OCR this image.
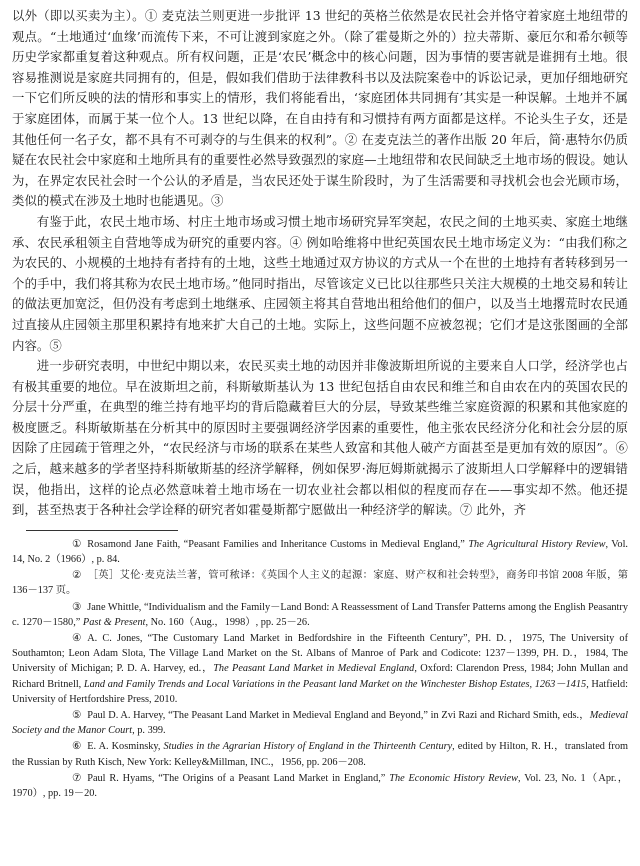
以外（即以买卖为主）。① 麦克法兰则更进一步批评 13 世纪的英格兰依然是农民社会并恪守着家庭土地纽带的观点。“土地通过‘血缘’而流传下来，不可让渡到家庭之外。（除了霍曼斯之外的）拉夫蒂斯、豪厄尔和希尔顿等历史学家都重复着这种观点。所有权问题，正是‘农民’概念中的核心问题，因为事情的要害就是谁拥有土地。很容易推测说是家庭共同拥有的，但是，假如我们借助于法律教科书以及法院案卷中的诉讼记录，更加仔细地研究一下它们所反映的法的情形和事实上的情形，我们将能看出，‘家庭团体共同拥有’其实是一种误解。土地并不属于家庭团体，而属于某一位个人。13 世纪以降，在自由持有和习惯持有两方面都是这样。不论头生子女，还是其他任何一名子女，都不具有不可剥夺的与生俱来的权利”。② 在麦克法兰的著作出版 20 年后，简·惠特尔仍质疑在农民社会中家庭和土地所具有的重要性必然导致强烈的家庭—土地纽带和农民间缺乏土地市场的假设。她认为，在界定农民社会时一个公认的矛盾是，当农民还处于谋生阶段时，为了生活需要和寻找机会也会光顾市场，类似的模式在涉及土地时也能遇见。③

有鉴于此，农民土地市场、村庄土地市场或习惯土地市场研究异军突起，农民之间的土地买卖、家庭土地继承、农民承租领主自营地等成为研究的重要内容。④ 例如哈维将中世纪英国农民土地市场定义为：“由我们称之为农民的、小规模的土地持有者持有的土地，这些土地通过双方协议的方式从一个在世的土地持有者转移到另一个的手中，我们将其称为农民土地市场。”他同时指出，尽管该定义已比以往那些只关注大规模的土地交易和转让的做法更加宽泛，但仍没有考虑到土地继承、庄园领主将其自营地出租给他们的佃户，以及当土地撂荒时农民通过直接从庄园领主那里积累持有地来扩大自己的土地。实际上，这些问题不应被忽视；它们才是这张图画的全部内容。⑤

进一步研究表明，中世纪中期以来，农民买卖土地的动因并非像波斯坦所说的主要来自人口学，经济学也占有极其重要的地位。早在波斯坦之前，科斯敏斯基认为 13 世纪包括自由农民和维兰和自由农在内的英国农民的分层十分严重，在典型的维兰持有地平均的背后隐藏着巨大的分层，导致某些维兰家庭资源的积累和其他家庭的极度匮乏。科斯敏斯基在分析其中的原因时主要强调经济学因素的重要性，他主张农民经济分化和社会分层的原因除了庄园疏于管理之外，“农民经济与市场的联系在某些人致富和其他人破产方面甚至是更加有效的原因”。⑥ 之后，越来越多的学者坚持科斯敏斯基的经济学解释，例如保罗·海厄姆斯就揭示了波斯坦人口学解释中的逻辑错误，他指出，这样的论点必然意味着土地市场在一切农业社会都以相似的程度而存在——事实却不然。他还提到，甚至热衷于各种社会学诠释的研究者如霍曼斯都宁愿做出一种经济学的解读。⑦ 此外，齐

① Rosamond Jane Faith, “Peasant Families and Inheritance Customs in Medieval England,” The Agricultural History Review, Vol. 14, No. 2（1966）, p. 84.

② ［英］艾伦·麦克法兰著，管可秾译：《英国个人主义的起源：家庭、财产权和社会转型》，商务印书馆 2008 年版，第 136－137 页。

③ Jane Whittle, “Individualism and the Family－Land Bond: A Reassessment of Land Transfer Patterns among the English Peasantry c. 1270－1580,” Past & Present, No. 160（Aug.，1998）, pp. 25－26.

④ A. C. Jones, “The Customary Land Market in Bedfordshire in the Fifteenth Century”, PH. D.，1975, The University of Southamton; Leon Adam Slota, The Village Land Market on the St. Albans of Manroe of Park and Codicote: 1237－1399, PH. D.，1984, The University of Michigan; P. D. A. Harvey, ed.，The Peasant Land Market in Medieval England, Oxford: Clarendon Press, 1984; John Mullan and Richard Britnell, Land and Family Trends and Local Variations in the Peasant land Market on the Winchester Bishop Estates, 1263－1415, Hatfield: University of Hertfordshire Press, 2010.

⑤ Paul D. A. Harvey, “The Peasant Land Market in Medieval England and Beyond,” in Zvi Razi and Richard Smith, eds.，Medieval Society and the Manor Court, p. 399.

⑥ E. A. Kosminsky, Studies in the Agrarian History of England in the Thirteenth Century, edited by Hilton, R. H.，translated from the Russian by Ruth Kisch, New York: Kelley&Millman, INC.，1956, pp. 206－208.

⑦ Paul R. Hyams, “The Origins of a Peasant Land Market in England,” The Economic History Review, Vol. 23, No. 1（Apr.，1970）, pp. 19－20.
